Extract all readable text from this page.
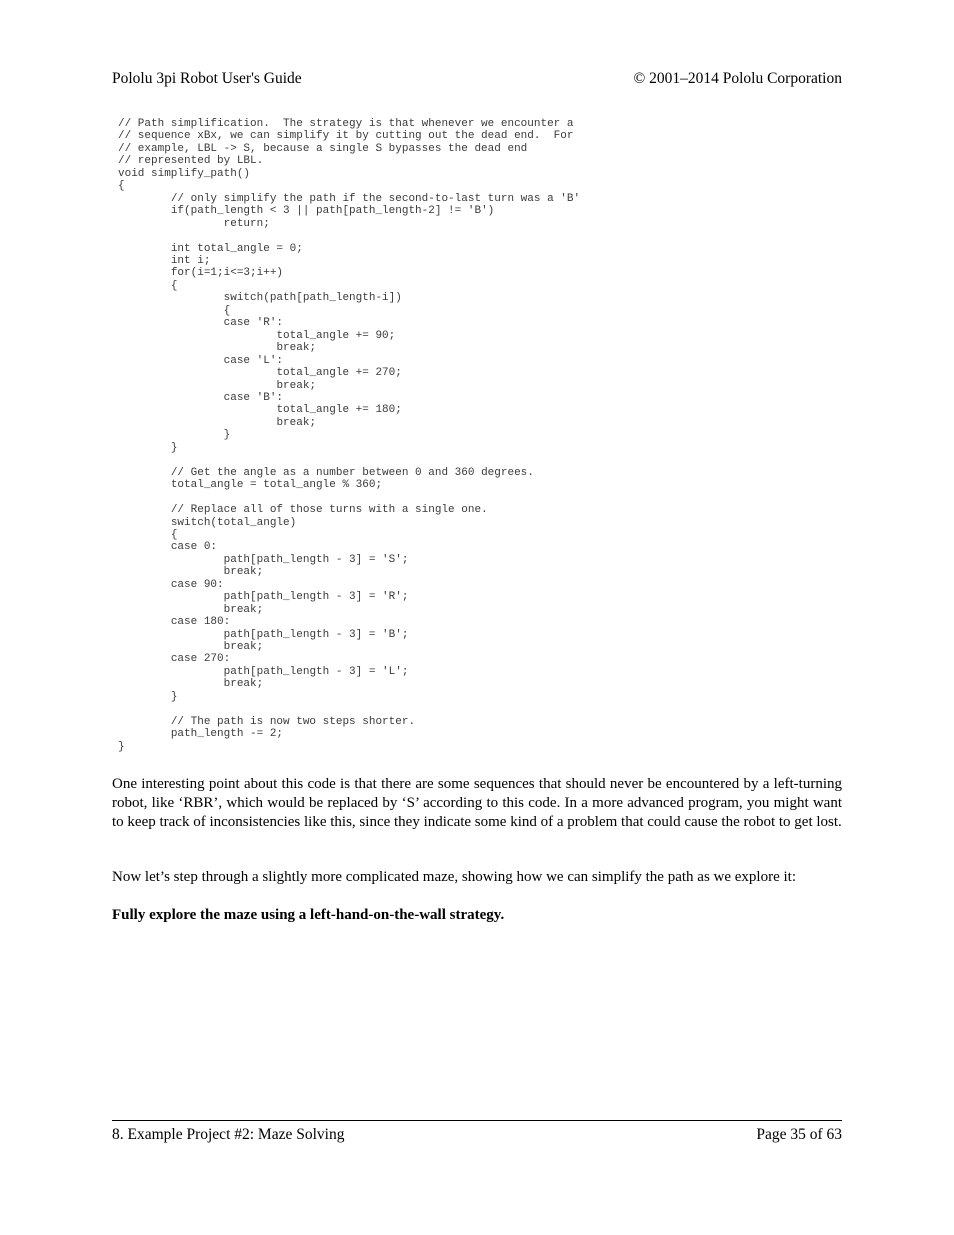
Pololu 3pi Robot User's Guide	© 2001–2014 Pololu Corporation
// Path simplification.  The strategy is that whenever we encounter a
// sequence xBx, we can simplify it by cutting out the dead end.  For
// example, LBL -> S, because a single S bypasses the dead end
// represented by LBL.
void simplify_path()
{
	// only simplify the path if the second-to-last turn was a 'B'
	if(path_length < 3 || path[path_length-2] != 'B')
		return;

	int total_angle = 0;
	int i;
	for(i=1;i<=3;i++)
	{
		switch(path[path_length-i])
		{
		case 'R':
			total_angle += 90;
			break;
		case 'L':
			total_angle += 270;
			break;
		case 'B':
			total_angle += 180;
			break;
		}
	}

	// Get the angle as a number between 0 and 360 degrees.
	total_angle = total_angle % 360;

	// Replace all of those turns with a single one.
	switch(total_angle)
	{
	case 0:
		path[path_length - 3] = 'S';
		break;
	case 90:
		path[path_length - 3] = 'R';
		break;
	case 180:
		path[path_length - 3] = 'B';
		break;
	case 270:
		path[path_length - 3] = 'L';
		break;
	}

	// The path is now two steps shorter.
	path_length -= 2;
}

One interesting point about this code is that there are some sequences that should never be encountered by a left-turning robot, like ‘RBR’, which would be replaced by ‘S’ according to this code. In a more advanced program, you might want to keep track of inconsistencies like this, since they indicate some kind of a problem that could cause the robot to get lost.

Now let’s step through a slightly more complicated maze, showing how we can simplify the path as we explore it:

Fully explore the maze using a left-hand-on-the-wall strategy.

8. Example Project #2: Maze Solving	Page 35 of 63
